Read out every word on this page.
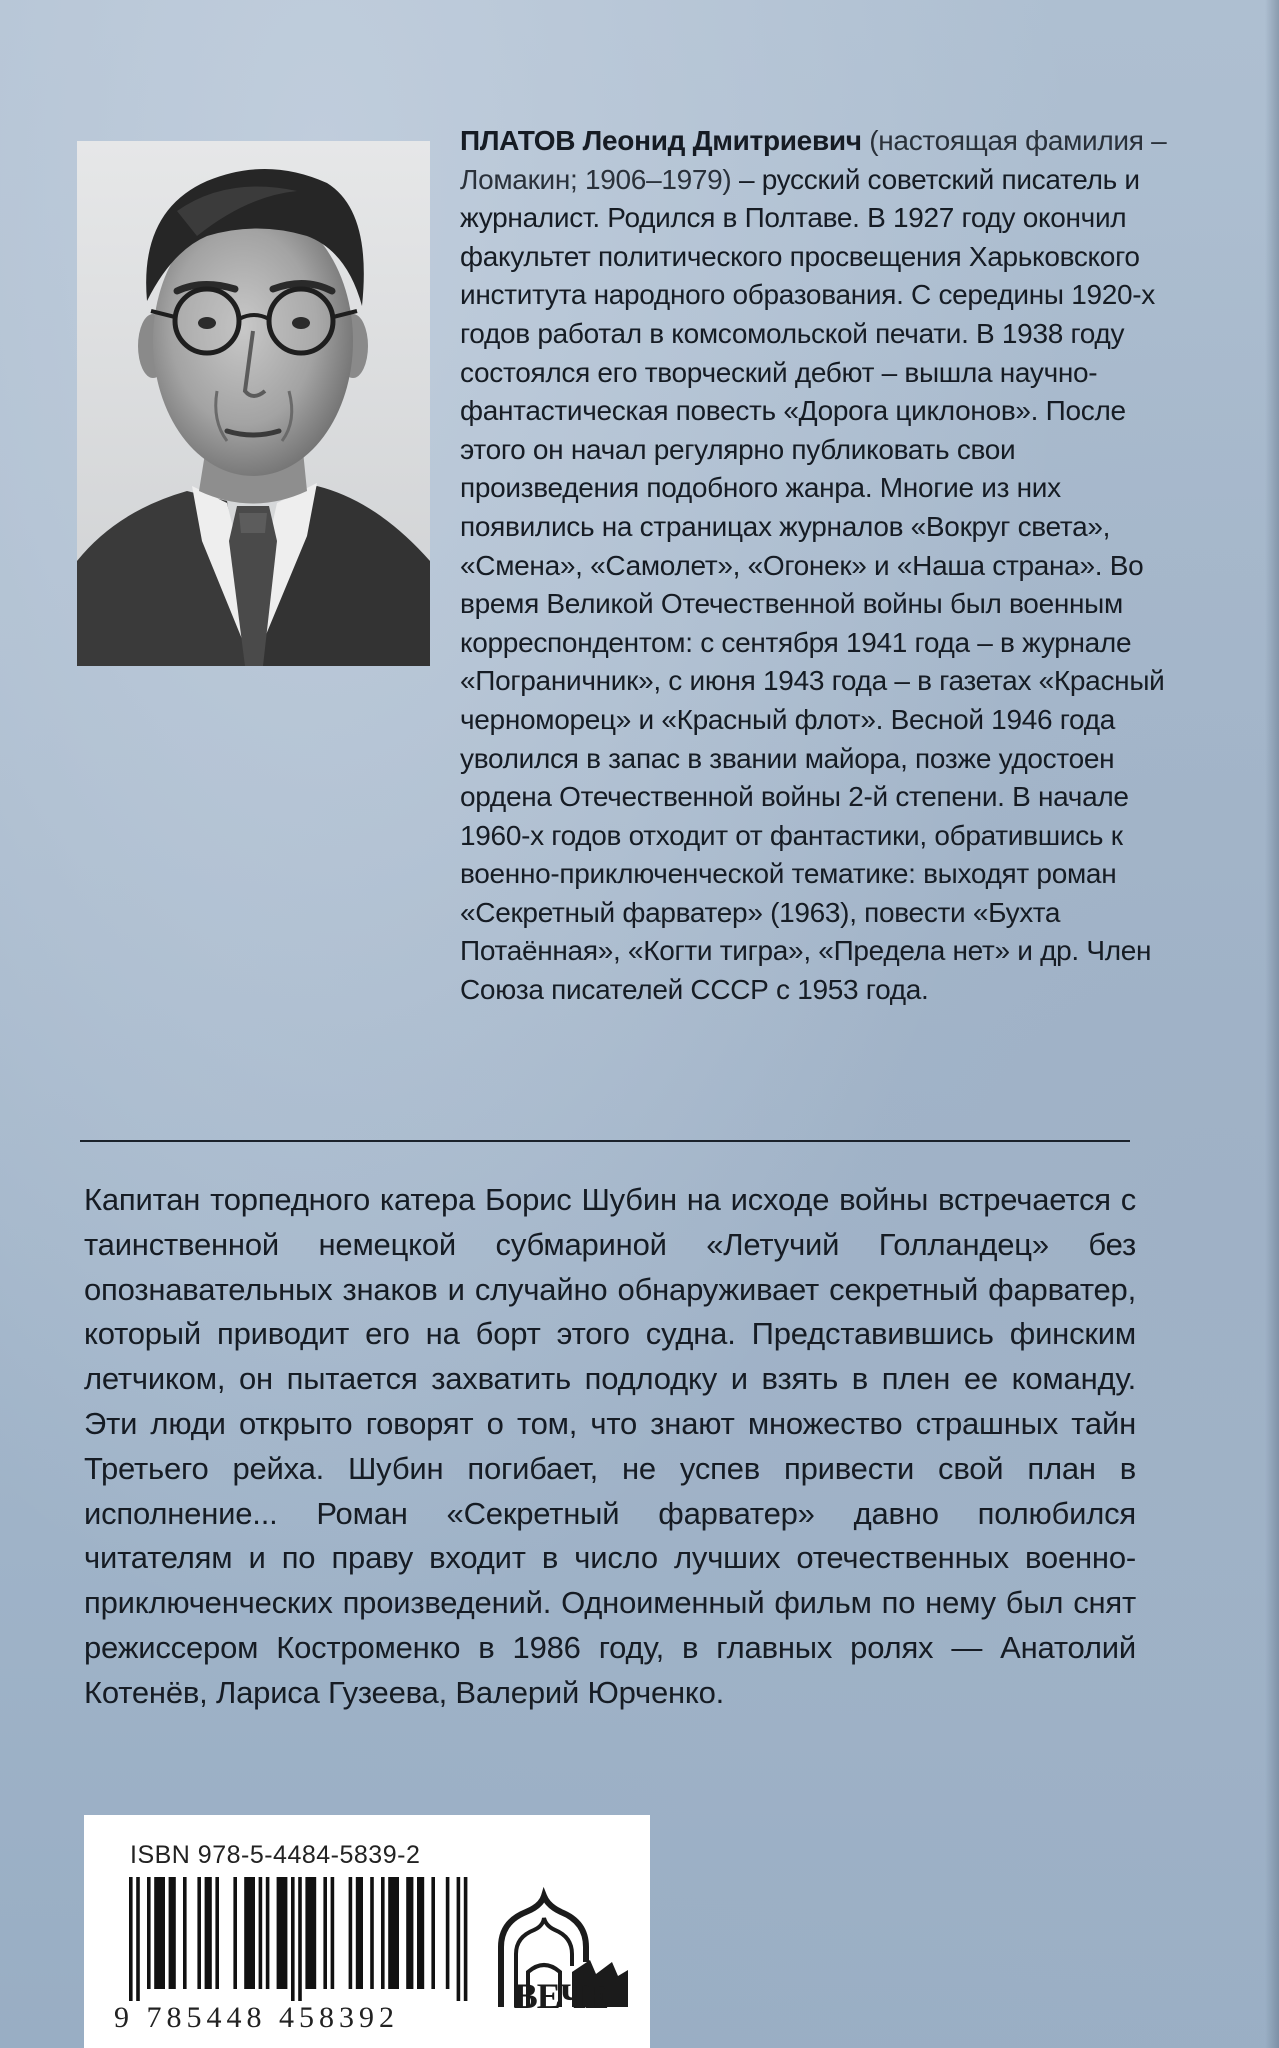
ПЛАТОВ Леонид Дмитриевич (настоящая фамилия – Ломакин; 1906–1979) – русский советский писатель и журналист. Родился в Полтаве. В 1927 году окончил факультет политического просвещения Харьковского института народного образования. С середины 1920-х годов работал в комсомольской печати. В 1938 году состоялся его творческий дебют – вышла научно-фантастическая повесть «Дорога циклонов». После этого он начал регулярно публиковать свои произведения подобного жанра. Многие из них появились на страницах журналов «Вокруг света», «Смена», «Самолет», «Огонек» и «Наша страна». Во время Великой Отечественной войны был военным корреспондентом: с сентября 1941 года – в журнале «Пограничник», с июня 1943 года – в газетах «Красный черноморец» и «Красный флот». Весной 1946 года уволился в запас в звании майора, позже удостоен ордена Отечественной войны 2-й степени. В начале 1960-х годов отходит от фантастики, обратившись к военно-приключенческой тематике: выходят роман «Секретный фарватер» (1963), повести «Бухта Потаённая», «Когти тигра», «Предела нет» и др. Член Союза писателей СССР с 1953 года.

Капитан торпедного катера Борис Шубин на исходе войны встречается с таинственной немецкой субмариной «Летучий Голландец» без опознавательных знаков и случайно обнаруживает секретный фарватер, который приводит его на борт этого судна. Представившись финским летчиком, он пытается захватить подлодку и взять в плен ее команду. Эти люди открыто говорят о том, что знают множество страшных тайн Третьего рейха. Шубин погибает, не успев привести свой план в исполнение... Роман «Секретный фарватер» давно полюбился читателям и по праву входит в число лучших отечественных военно-приключенческих произведений. Одноименный фильм по нему был снят режиссером Костроменко в 1986 году, в главных ролях — Анатолий Котенёв, Лариса Гузеева, Валерий Юрченко.

ISBN 978-5-4484-5839-2
9 785448 458392
ВЕЧЕ
